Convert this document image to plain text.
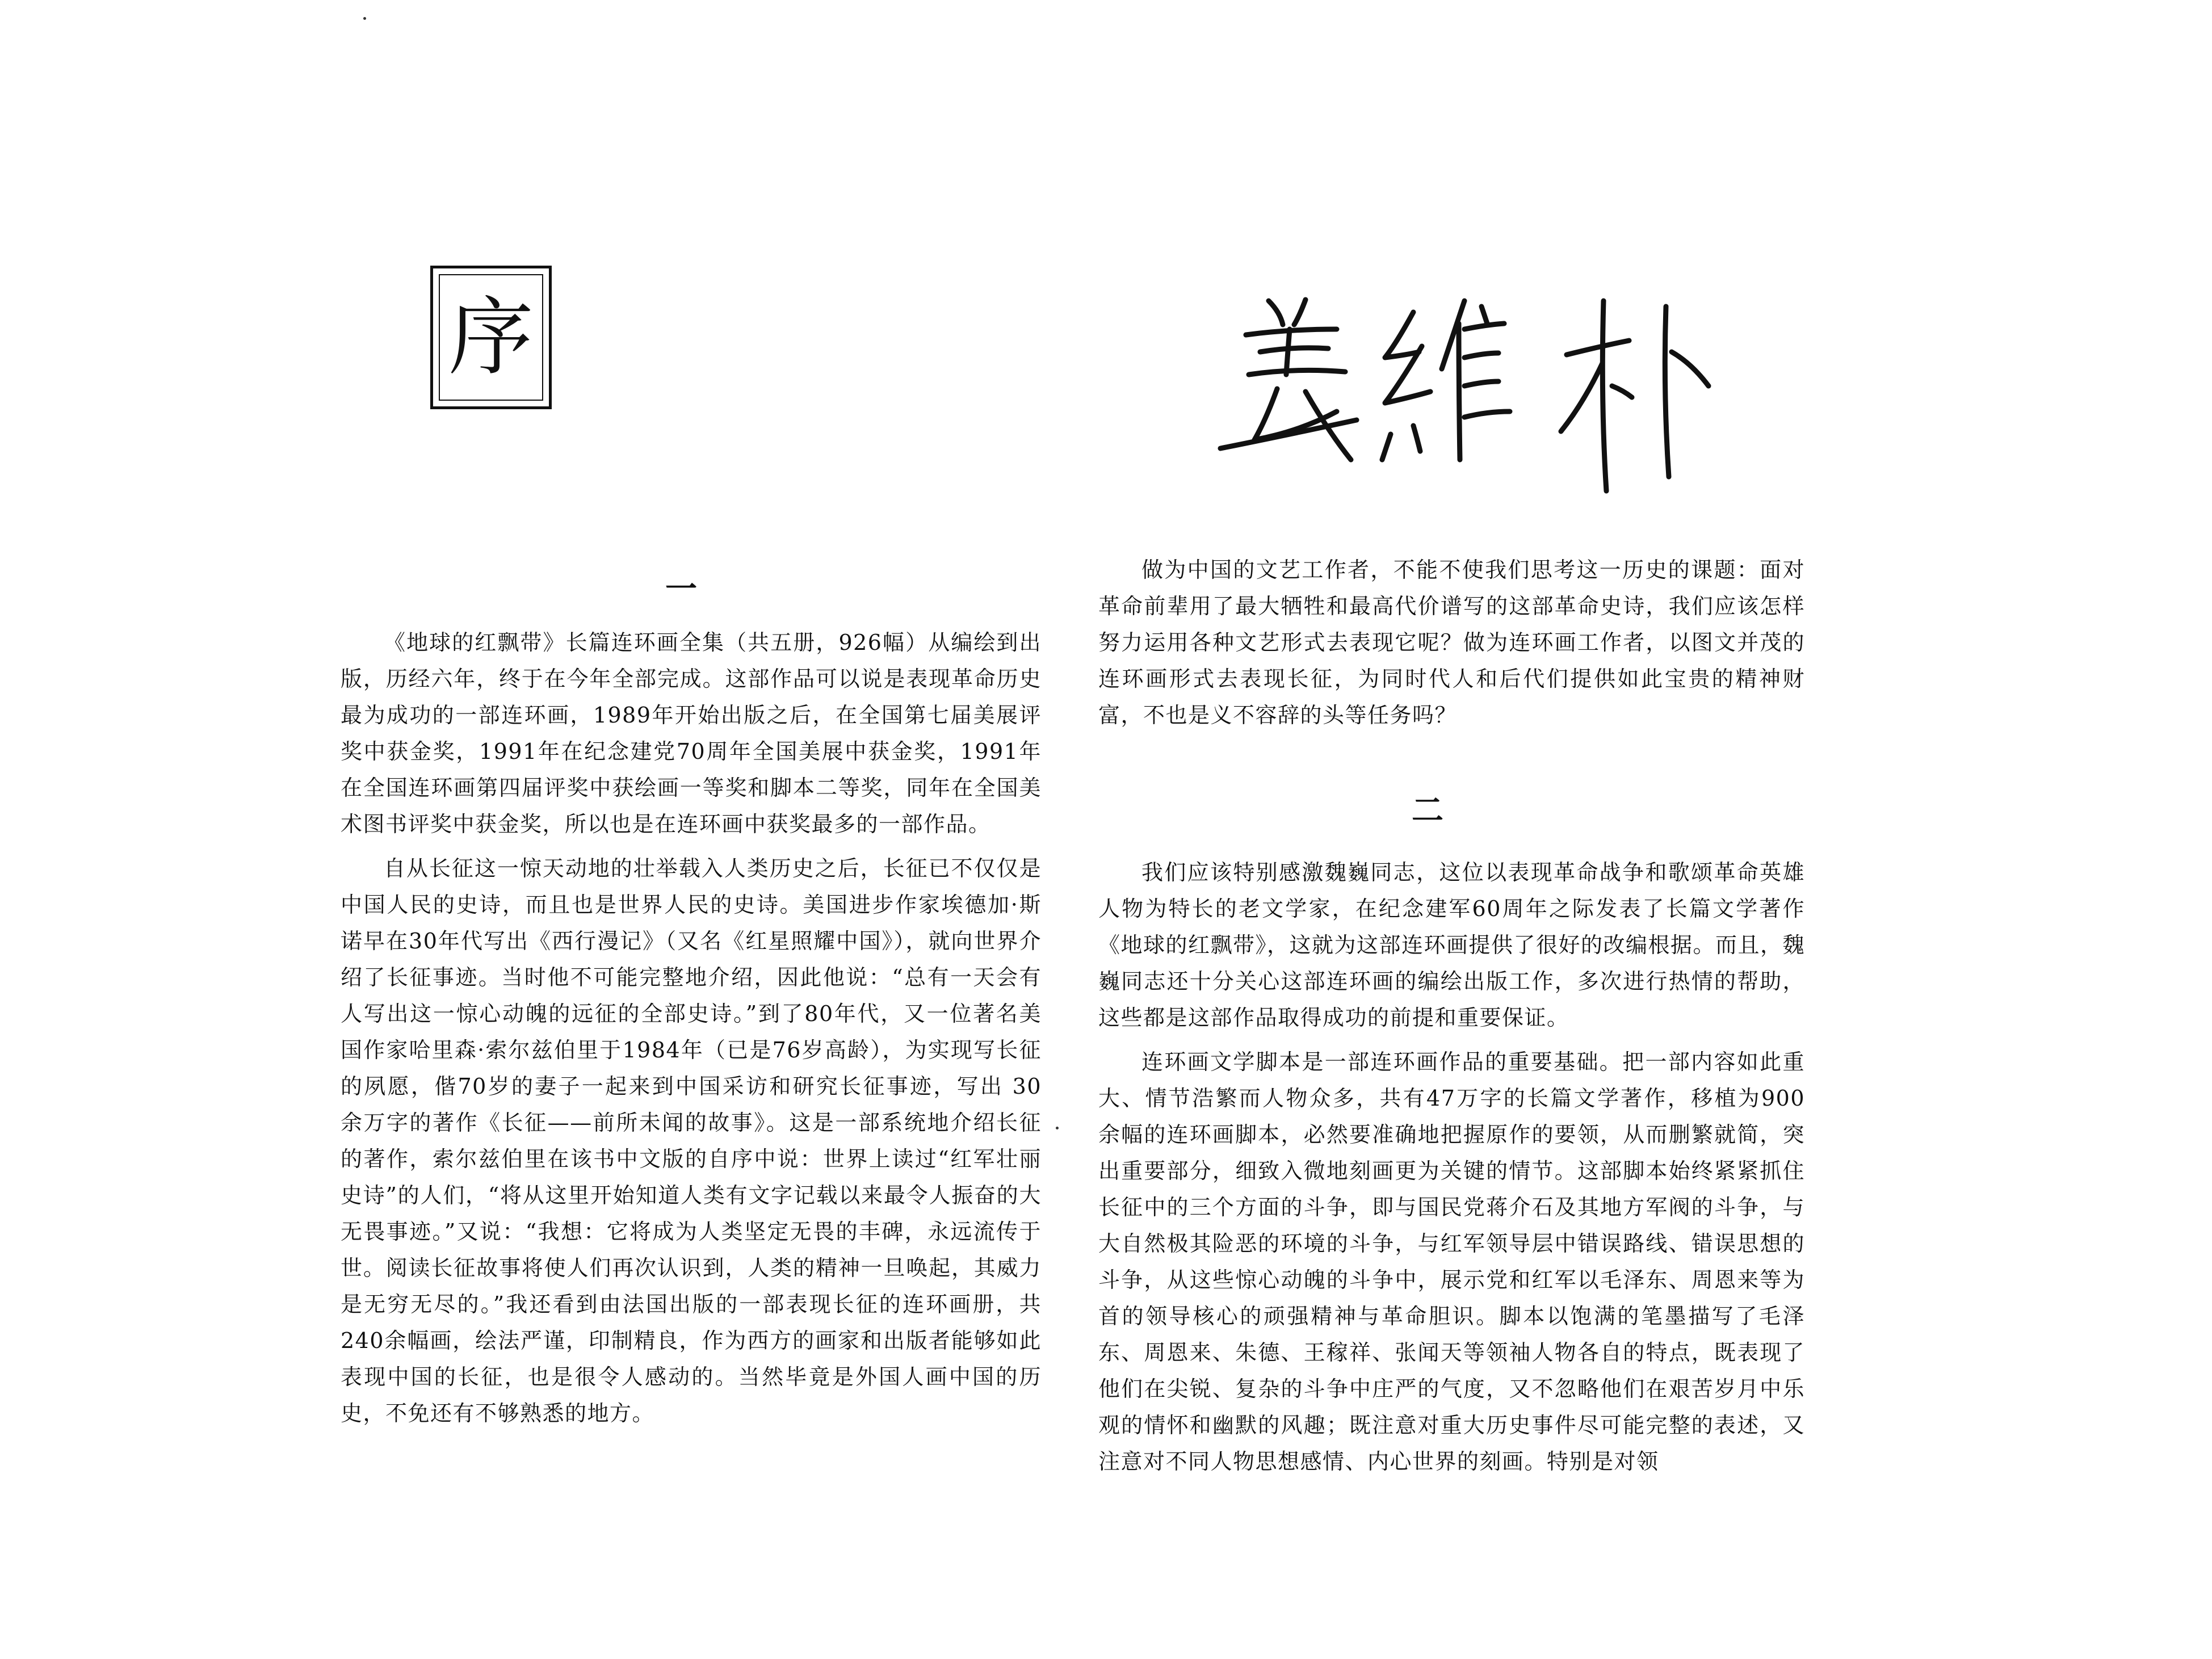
序
一

《地球的红飘带》长篇连环画全集（共五册，926幅）从编绘到出版，历经六年，终于在今年全部完成。这部作品可以说是表现革命历史最为成功的一部连环画，1989年开始出版之后，在全国第七届美展评奖中获金奖，1991年在纪念建党70周年全国美展中获金奖，1991年在全国连环画第四届评奖中获绘画一等奖和脚本二等奖，同年在全国美术图书评奖中获金奖，所以也是在连环画中获奖最多的一部作品。

自从长征这一惊天动地的壮举载入人类历史之后，长征已不仅仅是中国人民的史诗，而且也是世界人民的史诗。美国进步作家埃德加·斯诺早在30年代写出《西行漫记》（又名《红星照耀中国》），就向世界介绍了长征事迹。当时他不可能完整地介绍，因此他说：“总有一天会有人写出这一惊心动魄的远征的全部史诗。”到了80年代，又一位著名美国作家哈里森·索尔兹伯里于1984年（已是76岁高龄），为实现写长征的夙愿，偕70岁的妻子一起来到中国采访和研究长征事迹，写出 30 余万字的著作《长征——前所未闻的故事》。这是一部系统地介绍长征的著作，索尔兹伯里在该书中文版的自序中说：世界上读过“红军壮丽史诗”的人们，“将从这里开始知道人类有文字记载以来最令人振奋的大无畏事迹。”又说：“我想：它将成为人类坚定无畏的丰碑，永远流传于世。阅读长征故事将使人们再次认识到，人类的精神一旦唤起，其威力是无穷无尽的。”我还看到由法国出版的一部表现长征的连环画册，共240余幅画，绘法严谨，印制精良，作为西方的画家和出版者能够如此表现中国的长征，也是很令人感动的。当然毕竟是外国人画中国的历史，不免还有不够熟悉的地方。

做为中国的文艺工作者，不能不使我们思考这一历史的课题：面对革命前辈用了最大牺牲和最高代价谱写的这部革命史诗，我们应该怎样努力运用各种文艺形式去表现它呢？做为连环画工作者，以图文并茂的连环画形式去表现长征，为同时代人和后代们提供如此宝贵的精神财富，不也是义不容辞的头等任务吗？

二

我们应该特别感激魏巍同志，这位以表现革命战争和歌颂革命英雄人物为特长的老文学家，在纪念建军60周年之际发表了长篇文学著作《地球的红飘带》，这就为这部连环画提供了很好的改编根据。而且，魏巍同志还十分关心这部连环画的编绘出版工作，多次进行热情的帮助，这些都是这部作品取得成功的前提和重要保证。

连环画文学脚本是一部连环画作品的重要基础。把一部内容如此重大、情节浩繁而人物众多，共有47万字的长篇文学著作，移植为900 余幅的连环画脚本，必然要准确地把握原作的要领，从而删繁就简，突出重要部分，细致入微地刻画更为关键的情节。这部脚本始终紧紧抓住长征中的三个方面的斗争，即与国民党蒋介石及其地方军阀的斗争，与大自然极其险恶的环境的斗争，与红军领导层中错误路线、错误思想的斗争，从这些惊心动魄的斗争中，展示党和红军以毛泽东、周恩来等为首的领导核心的顽强精神与革命胆识。脚本以饱满的笔墨描写了毛泽东、周恩来、朱德、王稼祥、张闻天等领袖人物各自的特点，既表现了他们在尖锐、复杂的斗争中庄严的气度，又不忽略他们在艰苦岁月中乐观的情怀和幽默的风趣；既注意对重大历史事件尽可能完整的表述，又注意对不同人物思想感情、内心世界的刻画。特别是对领
